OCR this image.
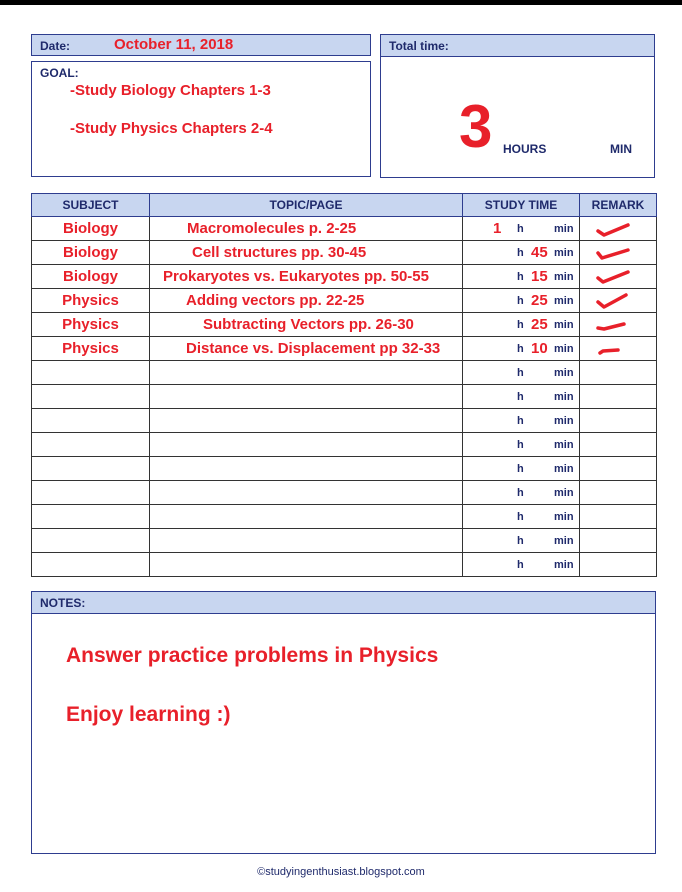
Date:	October 11, 2018
GOAL:
-Study Biology Chapters 1-3
-Study Physics Chapters 2-4
Total time:
3 HOURS	MIN
SUBJECT	TOPIC/PAGE	STUDY TIME	REMARK

Biology	Macromolecules p. 2-25	1 h min

Biology	Cell structures pp. 30-45	h 45 min

Biology	Prokaryotes vs. Eukaryotes pp. 50-55	h 15 min

Physics	Adding vectors pp. 22-25	h 25 min

Physics	Subtracting Vectors pp. 26-30	h 25 min

Physics	Distance vs. Displacement pp 32-33	h 10 min

		h min	

		h min	

		h min	

		h min	

		h min	

		h min	

		h min	

		h min	

		h min	

NOTES:
Answer practice problems in Physics
Enjoy learning :)
©studyingenthusiast.blogspot.com
